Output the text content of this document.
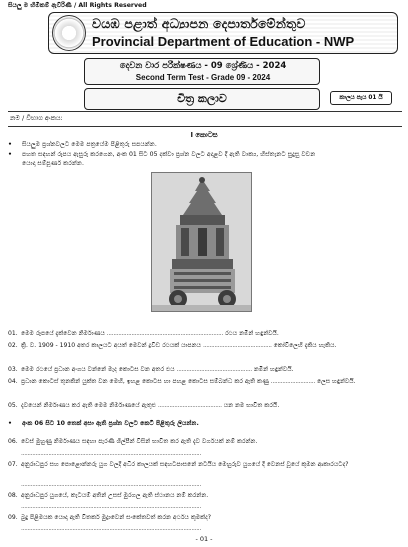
සියලු ම හිමිකම් ඇවිරිණි / All Rights Reserved
වයඹ පළාත් අධ්‍යාපන දෙපාර්තමේන්තුව
Provincial Department of Education - NWP
දෙවන වාර පරීක්ෂණය - 09 ශ්‍රේණිය - 2024
Second Term Test - Grade 09 - 2024
චිත්‍ර කලාව	කාලය පැය 01 යි
නම / විභාග අංකය:
I කොටස
• සියලුම ප්‍රශ්නවලට මෙම පත්‍රයේම පිළිතුරු සපයන්න.
• පහත සඳහන් රූපය ඇසුරු කරගෙන, අංක 01 සිට 05 දක්වා ප්‍රශ්න වලට අදාළව දී ඇති වාක්‍ය, හිස්තැනට සුදුසු වචන යොදා සම්පූර්ණ කරන්න.
01. මෙම රූපයේ දැක්වෙන නිර්මාණය ....................................................................... රථය නමින් හඳුන්වයි.
02. ක්‍රි. ව. 1909 - 1910 අතර කාලයට අයත් මෙවන් ද්‍රවිඩ රථයක් යාපනය .......................................... කෝවිලෙහි දැකිය හැකිය.
03. මෙම රථයේ ප්‍රධාන අංගය වන්නේ මැද කොටස වන අතර එය .............................................. නමින් හඳුන්වයි.
04. ප්‍රධාන කොටස් තුනකින් යුක්ත වන මෙහි, ඉහළ කොටස හා පහළ කොටස සම්බන්ධ කර ඇති කණු ........................... ලෙස හඳුන්වයි.
05. දැවයෙන් නිර්මාණය කර ඇති මෙම නිර්මාණයේ ඇතුළු ....................................... යන නම භාවිත කරයි.
• අංක 06 සිට 10 තෙක් අසා ඇති ප්‍රශ්න වලට කෙටි පිළිතුරු ලියන්න.
06. වෙස් මුහුණු නිර්මාණය සඳහා පැරණි ශිල්පීන් විසින් භාවිත කර ඇති දැව වර්ගයක් නම් කරන්න.
................................................................................................................
07. අනුරාධපුර සහ පොළොන්නරු යුග වලදී අධිර කාලයක් සඳහටපාසනේ නටයිය මෙහුරුව යුගයේ දී වෙනස් වූයේ කුමන ආකාරයටද?
................................................................................................................
08. අනුරාධපුර යුගයේ, කැටයම් අතින් උසස් මුරගල ඇති ස්ථානය නම් කරන්න.
................................................................................................................
09. බුදු පිළිමයක යොදා ඇති විතර්ක මුද්‍රාවෙන් සංකේතවත් කරන අර්ථය කුමක්ද?
................................................................................................................
- 01 -
